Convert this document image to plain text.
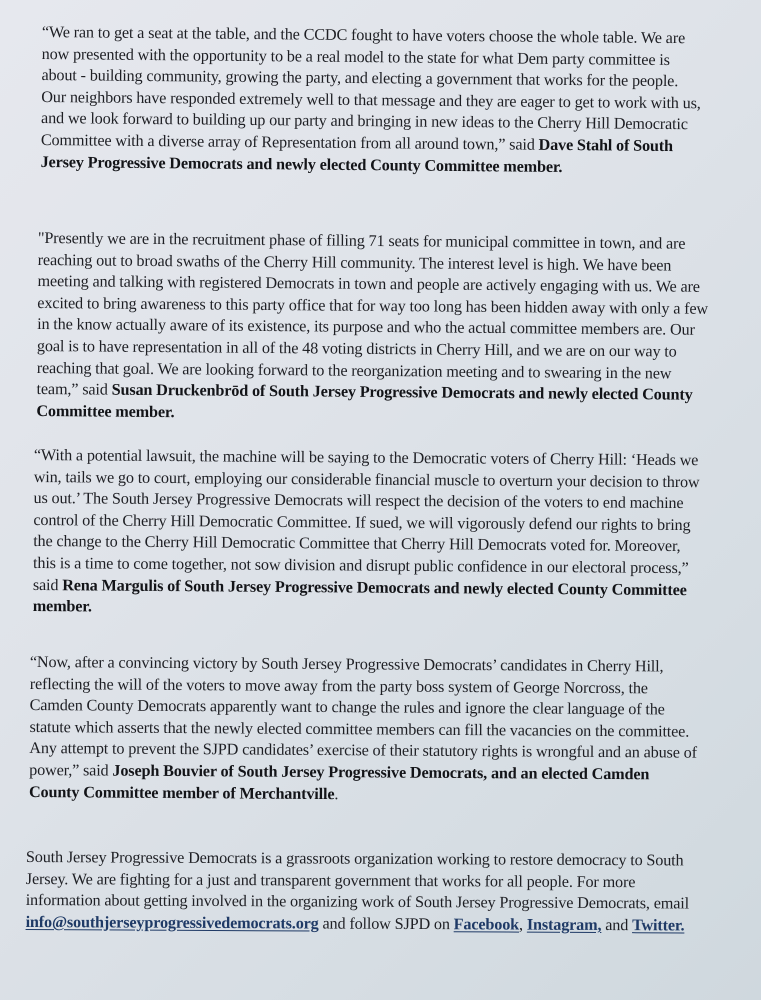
“We ran to get a seat at the table, and the CCDC fought to have voters choose the whole table. We are now presented with the opportunity to be a real model to the state for what Dem party committee is about - building community, growing the party, and electing a government that works for the people. Our neighbors have responded extremely well to that message and they are eager to get to work with us, and we look forward to building up our party and bringing in new ideas to the Cherry Hill Democratic Committee with a diverse array of Representation from all around town,” said Dave Stahl of South Jersey Progressive Democrats and newly elected County Committee member.

"Presently we are in the recruitment phase of filling 71 seats for municipal committee in town, and are reaching out to broad swaths of the Cherry Hill community. The interest level is high. We have been meeting and talking with registered Democrats in town and people are actively engaging with us. We are excited to bring awareness to this party office that for way too long has been hidden away with only a few in the know actually aware of its existence, its purpose and who the actual committee members are. Our goal is to have representation in all of the 48 voting districts in Cherry Hill, and we are on our way to reaching that goal. We are looking forward to the reorganization meeting and to swearing in the new team,” said Susan Druckenbrōd of South Jersey Progressive Democrats and newly elected County Committee member.

“With a potential lawsuit, the machine will be saying to the Democratic voters of Cherry Hill: ‘Heads we win, tails we go to court, employing our considerable financial muscle to overturn your decision to throw us out.’ The South Jersey Progressive Democrats will respect the decision of the voters to end machine control of the Cherry Hill Democratic Committee. If sued, we will vigorously defend our rights to bring the change to the Cherry Hill Democratic Committee that Cherry Hill Democrats voted for. Moreover, this is a time to come together, not sow division and disrupt public confidence in our electoral process,” said Rena Margulis of South Jersey Progressive Democrats and newly elected County Committee member.

“Now, after a convincing victory by South Jersey Progressive Democrats’ candidates in Cherry Hill, reflecting the will of the voters to move away from the party boss system of George Norcross, the Camden County Democrats apparently want to change the rules and ignore the clear language of the statute which asserts that the newly elected committee members can fill the vacancies on the committee. Any attempt to prevent the SJPD candidates’ exercise of their statutory rights is wrongful and an abuse of power,” said Joseph Bouvier of South Jersey Progressive Democrats, and an elected Camden County Committee member of Merchantville.

South Jersey Progressive Democrats is a grassroots organization working to restore democracy to South Jersey. We are fighting for a just and transparent government that works for all people. For more information about getting involved in the organizing work of South Jersey Progressive Democrats, email info@southjerseyprogressivedemocrats.org and follow SJPD on Facebook, Instagram, and Twitter.
